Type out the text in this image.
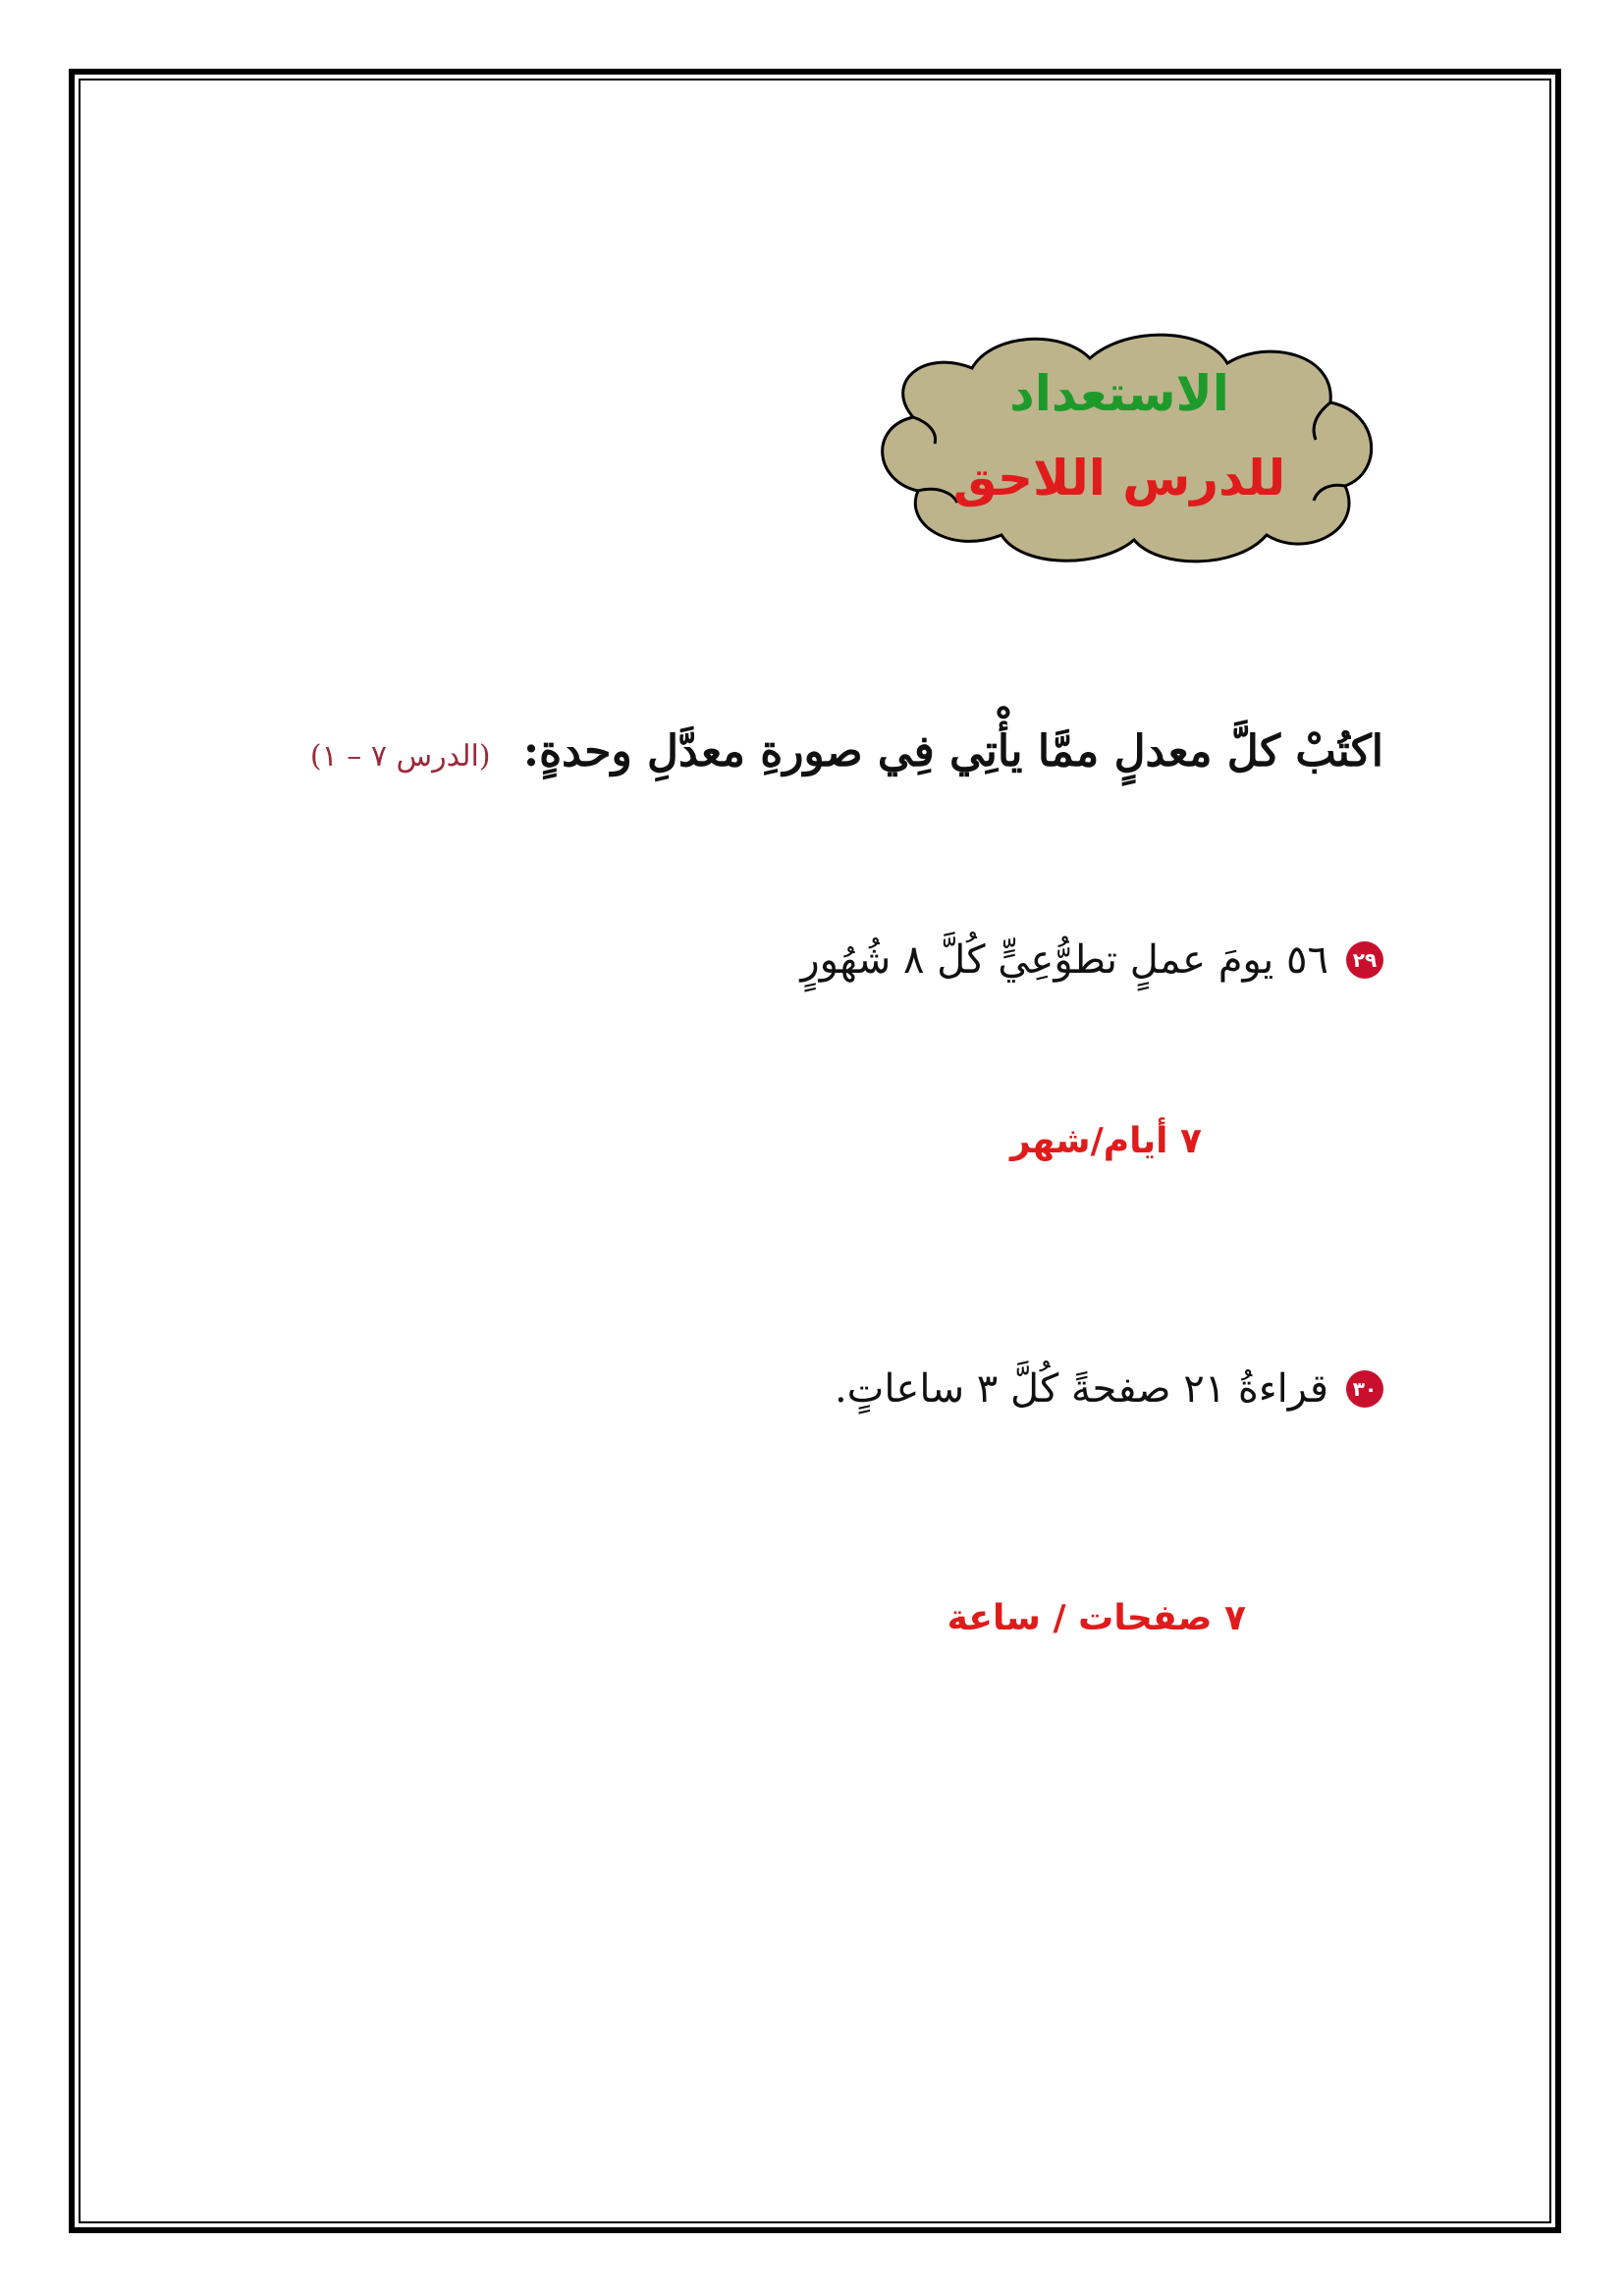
الاستعداد
للدرس اللاحق
اكتُبْ كلَّ معدلٍ ممَّا يأْتِي فِي صورةِ معدَّلِ وحدةٍ: (الدرس ٧ – ١)
٢٩
٥٦ يومَ عملٍ تطوُّعِيٍّ كُلَّ ٨ شُهُورٍ
٧ أيام/شهر
٣٠
قراءةُ ٢١ صفحةً كُلَّ ٣ ساعاتٍ.
٧ صفحات / ساعة
